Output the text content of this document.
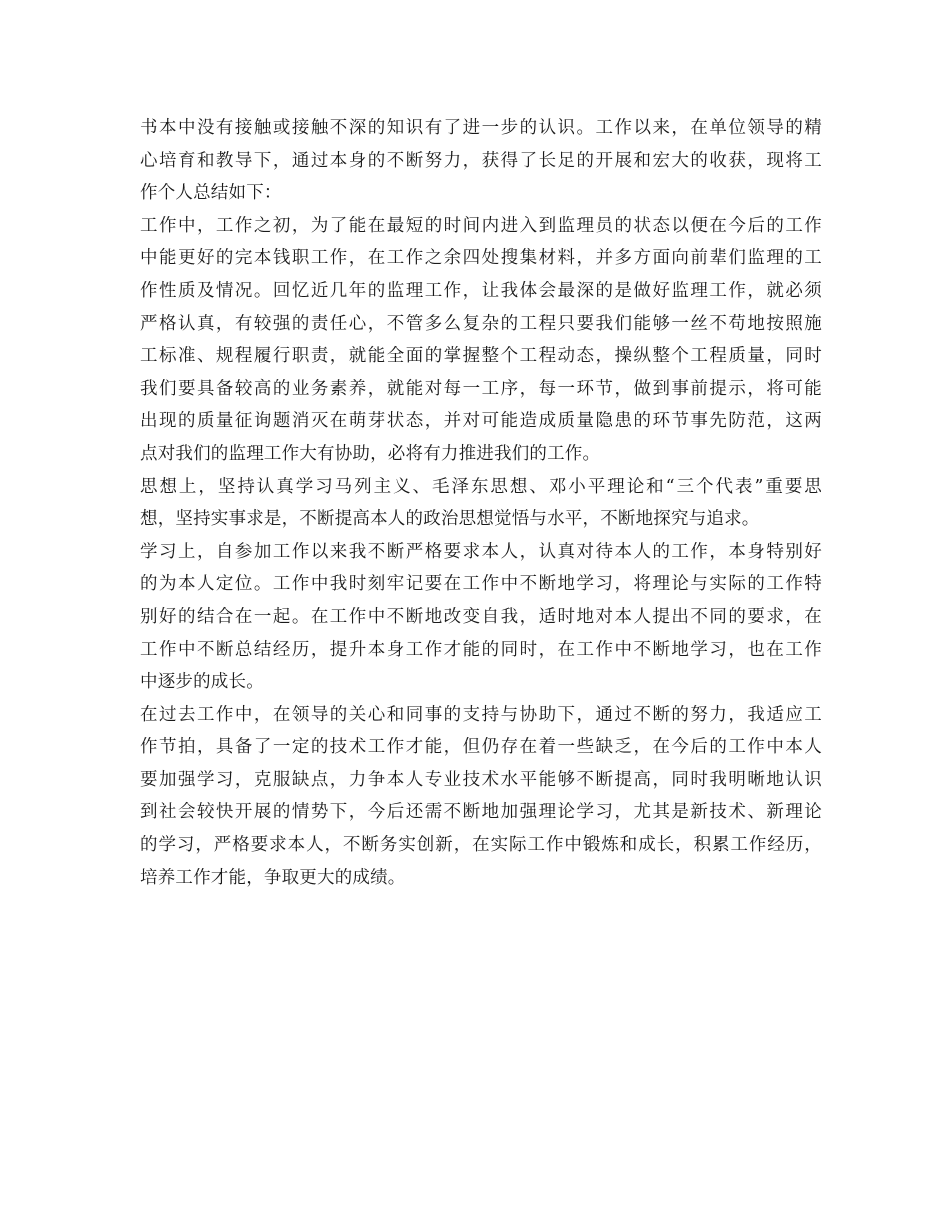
书本中没有接触或接触不深的知识有了进一步的认识。工作以来，在单位领导的精
心培育和教导下，通过本身的不断努力，获得了长足的开展和宏大的收获，现将工
作个人总结如下：

工作中，工作之初，为了能在最短的时间内进入到监理员的状态以便在今后的工作
中能更好的完本钱职工作，在工作之余四处搜集材料，并多方面向前辈们监理的工
作性质及情况。回忆近几年的监理工作，让我体会最深的是做好监理工作，就必须
严格认真，有较强的责任心，不管多么复杂的工程只要我们能够一丝不苟地按照施
工标准、规程履行职责，就能全面的掌握整个工程动态，操纵整个工程质量，同时
我们要具备较高的业务素养，就能对每一工序，每一环节，做到事前提示，将可能
出现的质量征询题消灭在萌芽状态，并对可能造成质量隐患的环节事先防范，这两
点对我们的监理工作大有协助，必将有力推进我们的工作。

思想上，坚持认真学习马列主义、毛泽东思想、邓小平理论和“三个代表”重要思
想，坚持实事求是，不断提高本人的政治思想觉悟与水平，不断地探究与追求。

学习上，自参加工作以来我不断严格要求本人，认真对待本人的工作，本身特别好
的为本人定位。工作中我时刻牢记要在工作中不断地学习，将理论与实际的工作特
别好的结合在一起。在工作中不断地改变自我，适时地对本人提出不同的要求，在
工作中不断总结经历，提升本身工作才能的同时，在工作中不断地学习，也在工作
中逐步的成长。

在过去工作中，在领导的关心和同事的支持与协助下，通过不断的努力，我适应工
作节拍，具备了一定的技术工作才能，但仍存在着一些缺乏，在今后的工作中本人
要加强学习，克服缺点，力争本人专业技术水平能够不断提高，同时我明晰地认识
到社会较快开展的情势下，今后还需不断地加强理论学习，尤其是新技术、新理论
的学习，严格要求本人，不断务实创新，在实际工作中锻炼和成长，积累工作经历，
培养工作才能，争取更大的成绩。
